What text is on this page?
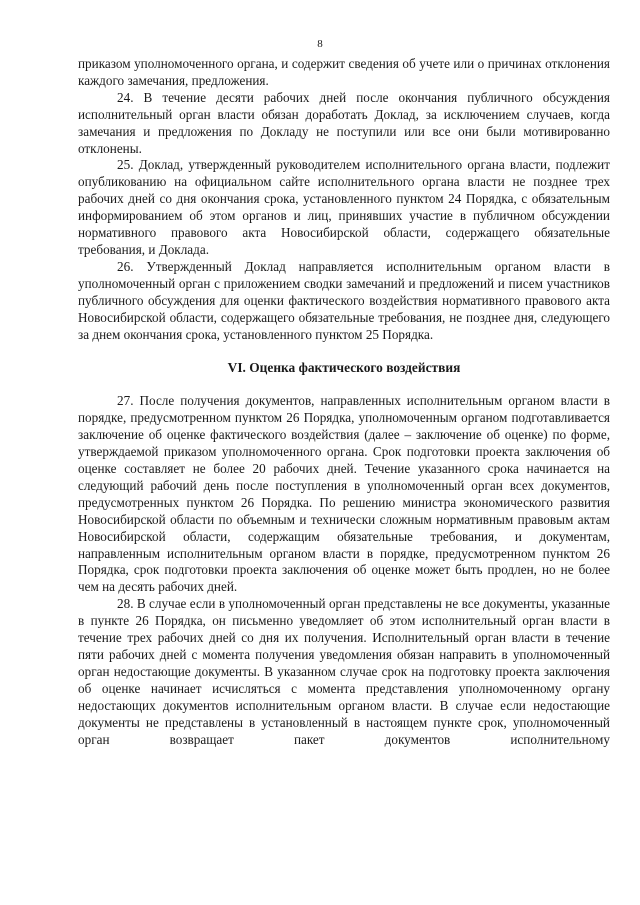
8

приказом уполномоченного органа, и содержит сведения об учете или о причинах отклонения каждого замечания, предложения.

24. В течение десяти рабочих дней после окончания публичного обсуждения исполнительный орган власти обязан доработать Доклад, за исключением случаев, когда замечания и предложения по Докладу не поступили или все они были мотивированно отклонены.

25. Доклад, утвержденный руководителем исполнительного органа власти, подлежит опубликованию на официальном сайте исполнительного органа власти не позднее трех рабочих дней со дня окончания срока, установленного пунктом 24 Порядка, с обязательным информированием об этом органов и лиц, принявших участие в публичном обсуждении нормативного правового акта Новосибирской области, содержащего обязательные требования, и Доклада.

26. Утвержденный Доклад направляется исполнительным органом власти в уполномоченный орган с приложением сводки замечаний и предложений и писем участников публичного обсуждения для оценки фактического воздействия нормативного правового акта Новосибирской области, содержащего обязательные требования, не позднее дня, следующего за днем окончания срока, установленного пунктом 25 Порядка.

VI. Оценка фактического воздействия

27. После получения документов, направленных исполнительным органом власти в порядке, предусмотренном пунктом 26 Порядка, уполномоченным органом подготавливается заключение об оценке фактического воздействия (далее – заключение об оценке) по форме, утверждаемой приказом уполномоченного органа. Срок подготовки проекта заключения об оценке составляет не более 20 рабочих дней. Течение указанного срока начинается на следующий рабочий день после поступления в уполномоченный орган всех документов, предусмотренных пунктом 26 Порядка. По решению министра экономического развития Новосибирской области по объемным и технически сложным нормативным правовым актам Новосибирской области, содержащим обязательные требования, и документам, направленным исполнительным органом власти в порядке, предусмотренном пунктом 26 Порядка, срок подготовки проекта заключения об оценке может быть продлен, но не более чем на десять рабочих дней.

28. В случае если в уполномоченный орган представлены не все документы, указанные в пункте 26 Порядка, он письменно уведомляет об этом исполнительный орган власти в течение трех рабочих дней со дня их получения. Исполнительный орган власти в течение пяти рабочих дней с момента получения уведомления обязан направить в уполномоченный орган недостающие документы. В указанном случае срок на подготовку проекта заключения об оценке начинает исчисляться с момента представления уполномоченному органу недостающих документов исполнительным органом власти. В случае если недостающие документы не представлены в установленный в настоящем пункте срок, уполномоченный орган возвращает пакет документов исполнительному
